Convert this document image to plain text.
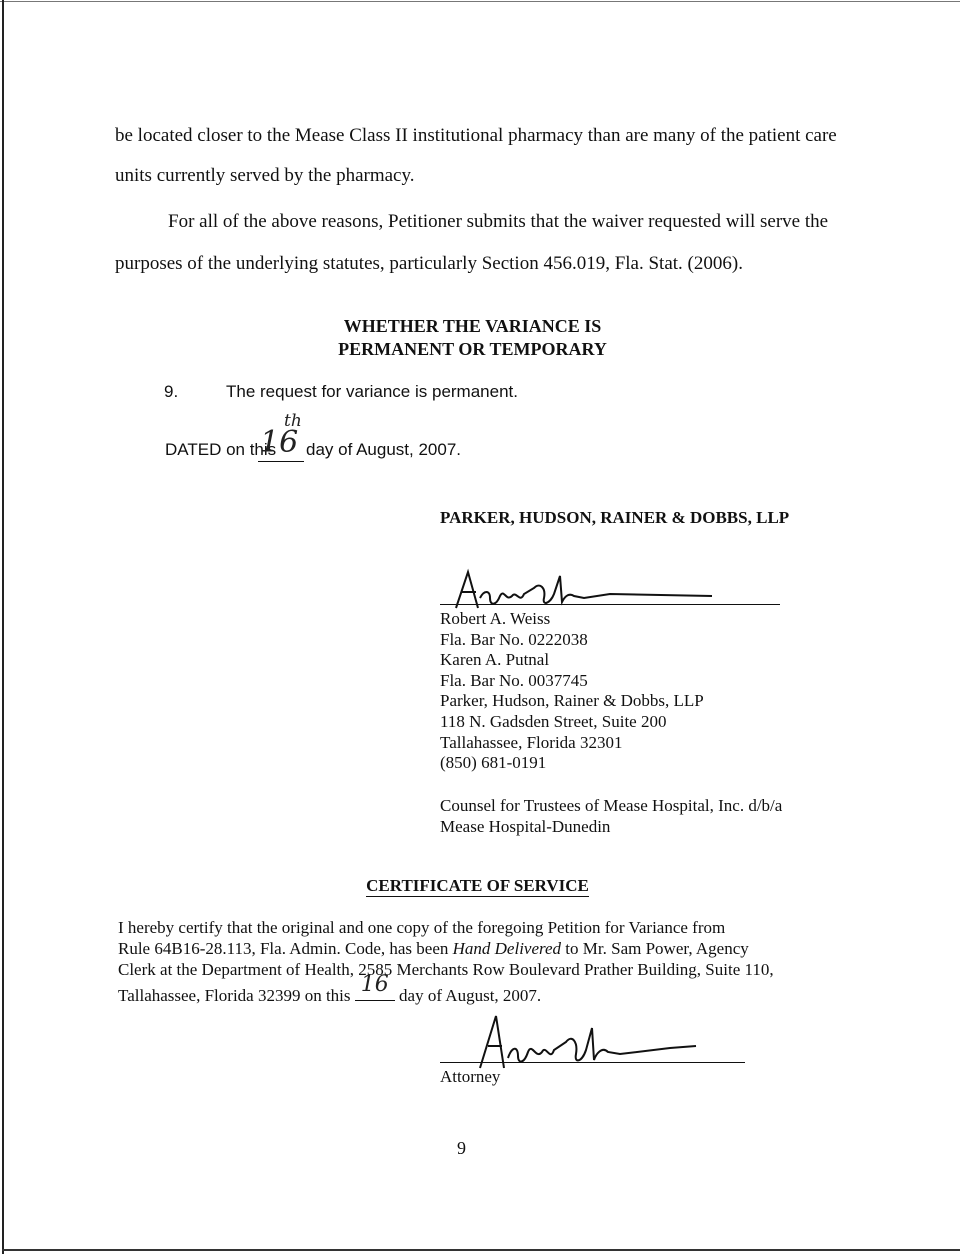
be located closer to the Mease Class II institutional pharmacy than are many of the patient care
units currently served by the pharmacy.
For all of the above reasons, Petitioner submits that the waiver requested will serve the
purposes of the underlying statutes, particularly Section 456.019, Fla. Stat. (2006).
WHETHER THE VARIANCE IS
PERMANENT OR TEMPORARY
9.	The request for variance is permanent.
DATED on this
16
th
day of August, 2007.
PARKER, HUDSON, RAINER & DOBBS, LLP
Robert A. Weiss
Fla. Bar No. 0222038
Karen A. Putnal
Fla. Bar No. 0037745
Parker, Hudson, Rainer & Dobbs, LLP
118 N. Gadsden Street, Suite 200
Tallahassee, Florida 32301
(850) 681-0191
Counsel for Trustees of Mease Hospital, Inc. d/b/a
Mease Hospital-Dunedin
CERTIFICATE OF SERVICE
I hereby certify that the original and one copy of the foregoing Petition for Variance from
Rule 64B16-28.113, Fla. Admin. Code, has been Hand Delivered to Mr. Sam Power, Agency
Clerk at the Department of Health, 2585 Merchants Row Boulevard Prather Building, Suite 110,
Tallahassee, Florida 32399 on this 16 day of August, 2007.
Attorney
9
